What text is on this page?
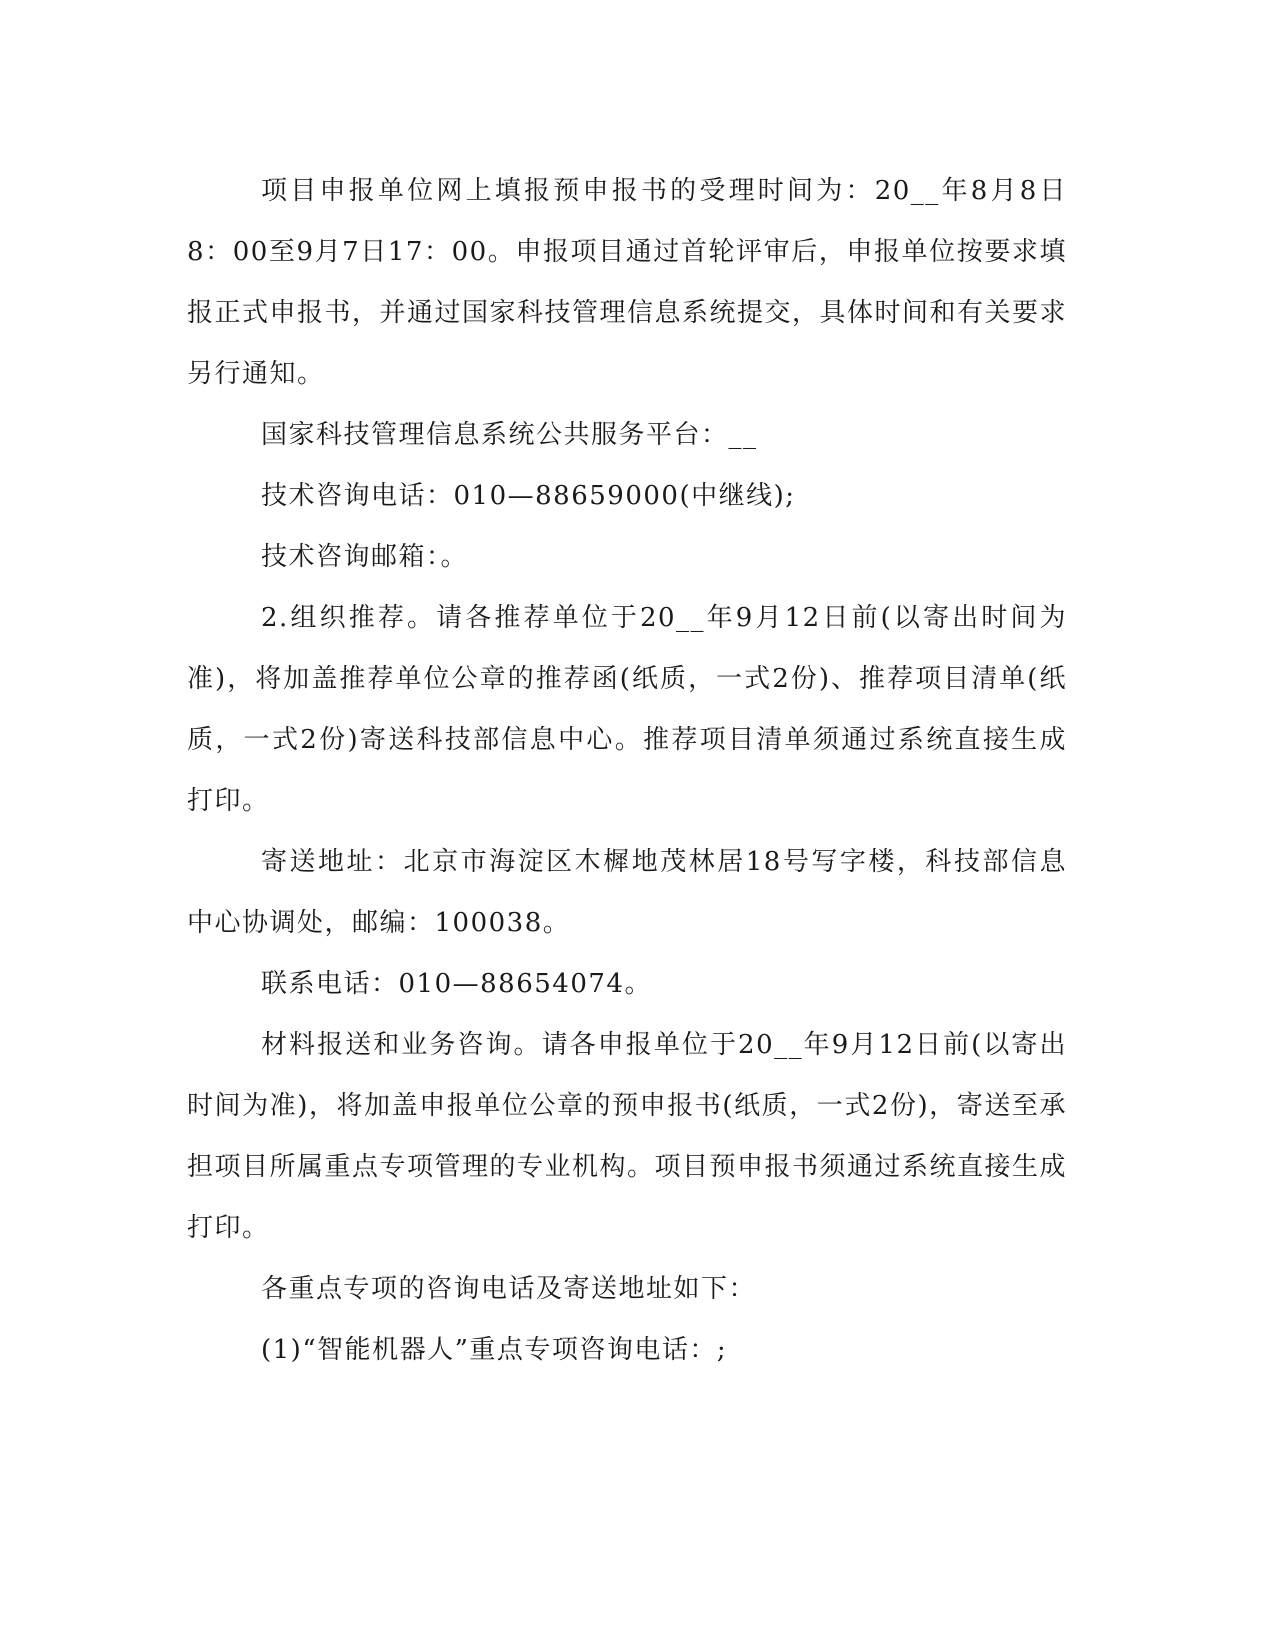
项目申报单位网上填报预申报书的受理时间为：20__年8月8日8：00至9月7日17：00。申报项目通过首轮评审后，申报单位按要求填报正式申报书，并通过国家科技管理信息系统提交，具体时间和有关要求另行通知。

国家科技管理信息系统公共服务平台：__

技术咨询电话：010—88659000(中继线);

技术咨询邮箱：。

2.组织推荐。请各推荐单位于20__年9月12日前(以寄出时间为准)，将加盖推荐单位公章的推荐函(纸质，一式2份)、推荐项目清单(纸质，一式2份)寄送科技部信息中心。推荐项目清单须通过系统直接生成打印。

寄送地址：北京市海淀区木樨地茂林居18号写字楼，科技部信息中心协调处，邮编：100038。

联系电话：010—88654074。

材料报送和业务咨询。请各申报单位于20__年9月12日前(以寄出时间为准)，将加盖申报单位公章的预申报书(纸质，一式2份)，寄送至承担项目所属重点专项管理的专业机构。项目预申报书须通过系统直接生成打印。

各重点专项的咨询电话及寄送地址如下：

(1)“智能机器人”重点专项咨询电话：;
